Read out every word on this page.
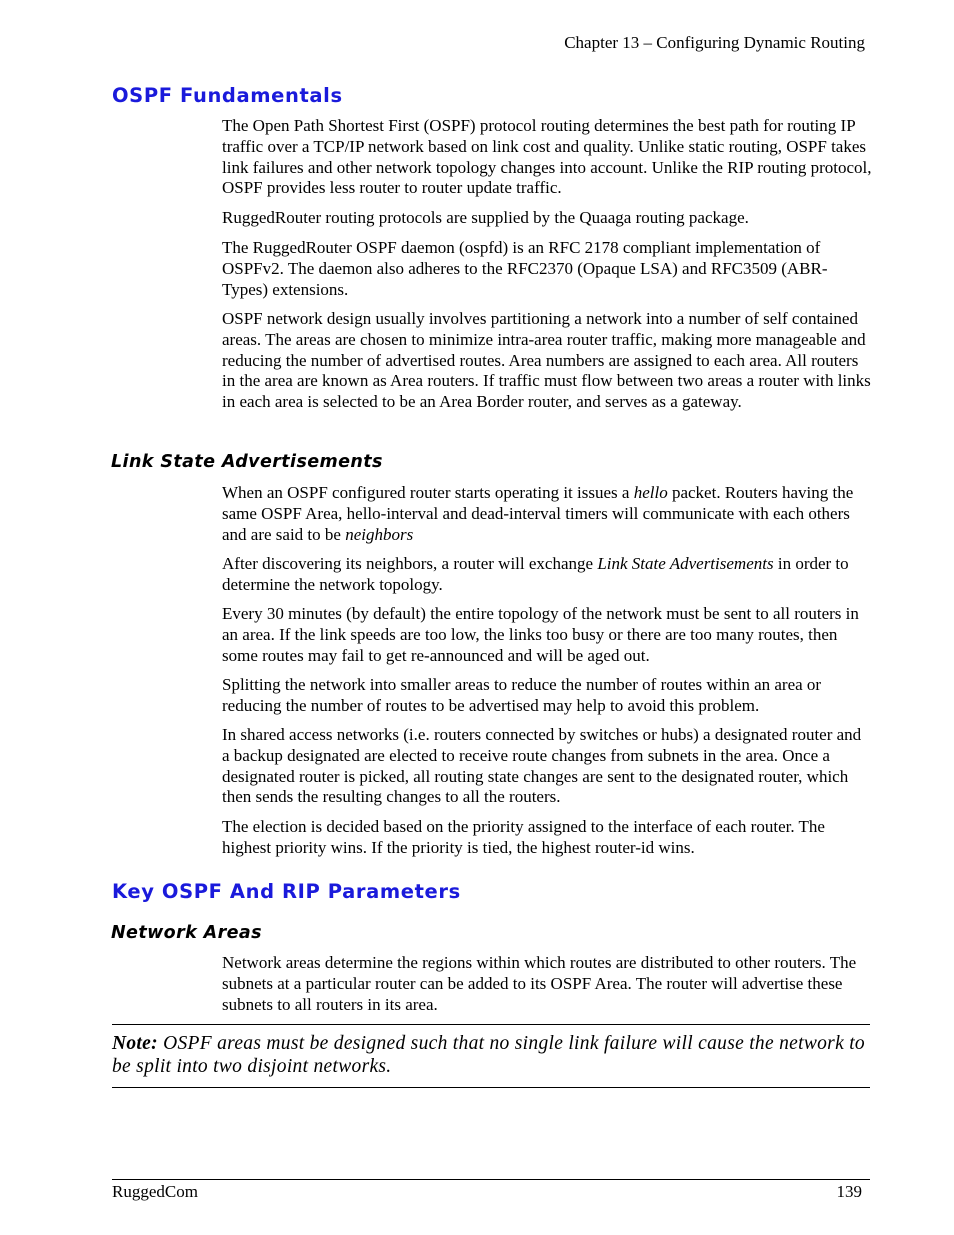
Chapter 13 – Configuring Dynamic Routing
OSPF Fundamentals

The Open Path Shortest First (OSPF) protocol routing determines the best path for routing IP traffic over a TCP/IP network based on link cost and quality. Unlike static routing, OSPF takes link failures and other network topology changes into account. Unlike the RIP routing protocol, OSPF provides less router to router update traffic.

RuggedRouter routing protocols are supplied by the Quaaga routing package.

The RuggedRouter OSPF daemon (ospfd) is an RFC 2178 compliant implementation of OSPFv2. The daemon also adheres to the RFC2370 (Opaque LSA) and RFC3509 (ABR-Types) extensions.

OSPF network design usually involves partitioning a network into a number of self contained areas. The areas are chosen to minimize intra-area router traffic, making more manageable and reducing the number of advertised routes. Area numbers are assigned to each area. All routers in the area are known as Area routers. If traffic must flow between two areas a router with links in each area is selected to be an Area Border router, and serves as a gateway.

Link State Advertisements

When an OSPF configured router starts operating it issues a hello packet. Routers having the same OSPF Area, hello-interval and dead-interval timers will communicate with each others and are said to be neighbors

After discovering its neighbors, a router will exchange Link State Advertisements in order to determine the network topology.

Every 30 minutes (by default) the entire topology of the network must be sent to all routers in an area. If the link speeds are too low, the links too busy or there are too many routes, then some routes may fail to get re-announced and will be aged out.

Splitting the network into smaller areas to reduce the number of routes within an area or reducing the number of routes to be advertised may help to avoid this problem.

In shared access networks (i.e. routers connected by switches or hubs) a designated router and a backup designated are elected to receive route changes from subnets in the area. Once a designated router is picked, all routing state changes are sent to the designated router, which then sends the resulting changes to all the routers.

The election is decided based on the priority assigned to the interface of each router. The highest priority wins. If the priority is tied, the highest router-id wins.

Key OSPF And RIP Parameters
Network Areas

Network areas determine the regions within which routes are distributed to other routers. The subnets at a particular router can be added to its OSPF Area. The router will advertise these subnets to all routers in its area.

Note: OSPF areas must be designed such that no single link failure will cause the network to be split into two disjoint networks.

RuggedCom	139
